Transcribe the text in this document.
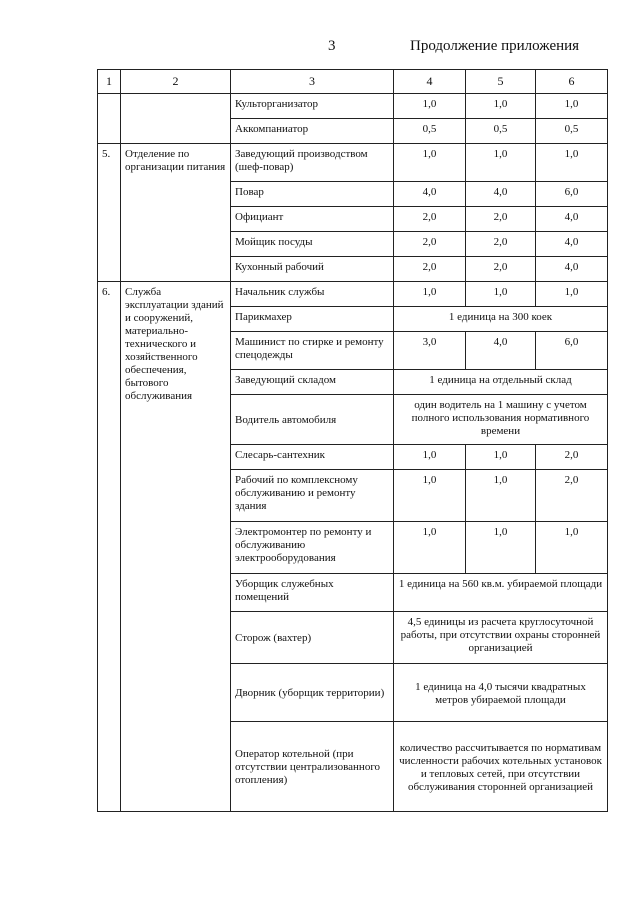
3	Продолжение приложения
1	2	3	4	5	6
		Культорганизатор	1,0	1,0	1,0
		Аккомпаниатор	0,5	0,5	0,5
5.	Отделение по организации питания	Заведующий производством (шеф-повар)	1,0	1,0	1,0
		Повар	4,0	4,0	6,0
		Официант	2,0	2,0	4,0
		Мойщик посуды	2,0	2,0	4,0
		Кухонный рабочий	2,0	2,0	4,0
6.	Служба эксплуатации зданий и сооружений, материально-технического и хозяйственного обеспечения, бытового обслуживания	Начальник службы	1,0	1,0	1,0
		Парикмахер	1 единица на 300 коек		
		Машинист по стирке и ремонту спецодежды	3,0	4,0	6,0
		Заведующий складом	1 единица на отдельный склад		
		Водитель автомобиля	один водитель на 1 машину с учетом полного использования нормативного времени		
		Слесарь-сантехник	1,0	1,0	2,0
		Рабочий по комплексному обслуживанию и ремонту здания	1,0	1,0	2,0
		Электромонтер по ремонту и обслуживанию электрооборудования	1,0	1,0	1,0
		Уборщик служебных помещений	1 единица на 560 кв.м. убираемой площади		
		Сторож (вахтер)	4,5 единицы из расчета круглосуточной работы, при отсутствии охраны сторонней организацией		
		Дворник (уборщик территории)	1 единица на 4,0 тысячи квадратных метров убираемой площади		
		Оператор котельной (при отсутствии централизованного отопления)	количество рассчитывается по нормативам численности рабочих котельных установок и тепловых сетей, при отсутствии обслуживания сторонней организацией		
